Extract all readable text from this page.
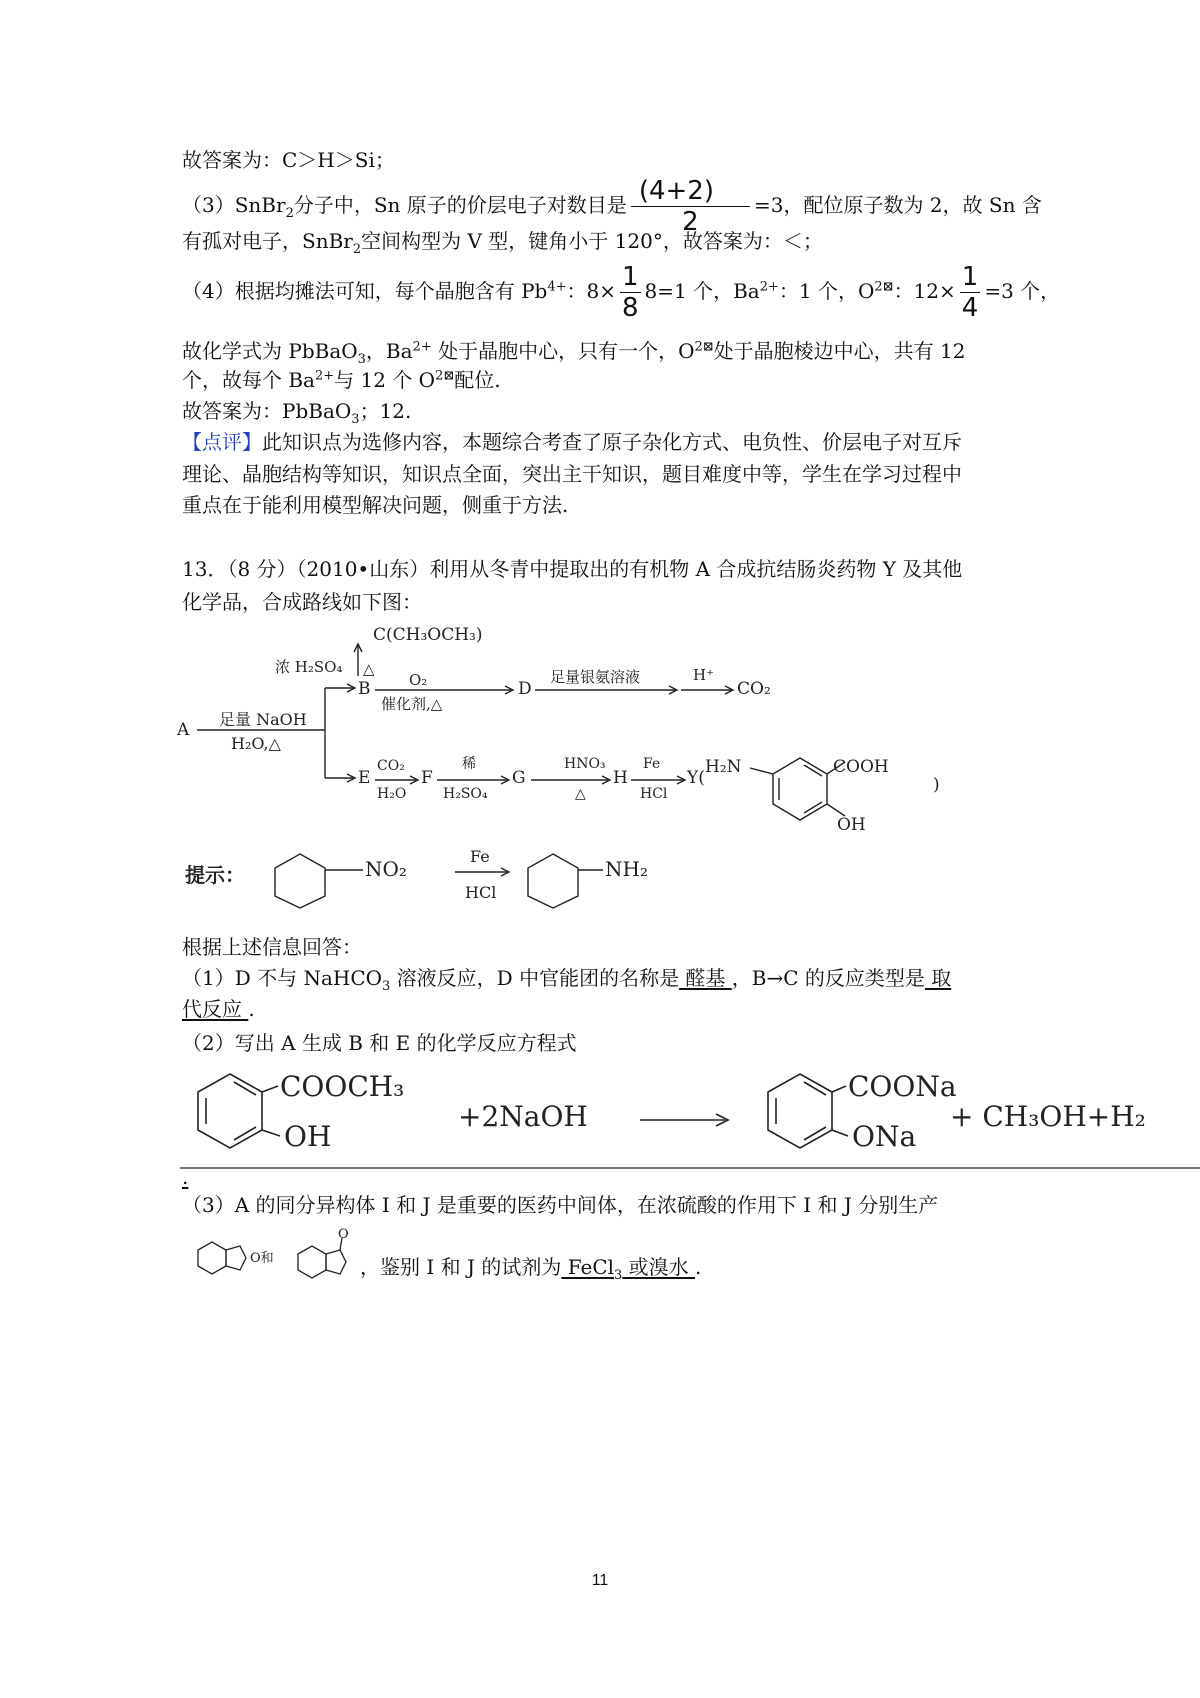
故答案为：C＞H＞Si；
（3）SnBr$_2$分子中，Sn 原子的价层电子对数目是 $\frac{(4+2)}{2} =3$，配位原子数为 2，故 Sn 含
有孤对电子，SnBr$_2$空间构型为 V 型，键角小于 120°，故答案为：＜；
（4）根据均摊法可知，每个晶胞含有 $Pb^{4+}$：$8\times \frac{1}{8} 8=1$ 个，$Ba^{2+}$：1 个，$O^{2⊠}$：$12\times \frac{1}{4} =3$ 个，
故化学式为 PbBaO$_3$，$Ba^{2+}$ 处于晶胞中心，只有一个，$O^{2⊠}$处于晶胞棱边中心，共有 12
个，故每个 $Ba^{2+}$与 12 个 $O^{2⊠}$配位.
故答案为：PbBaO$_3$；12.
【点评】此知识点为选修内容，本题综合考查了原子杂化方式、电负性、价层电子对互斥
理论、晶胞结构等知识，知识点全面，突出主干知识，题目难度中等，学生在学习过程中
重点在于能利用模型解决问题，侧重于方法.
13．（8 分）（2010•山东）利用从冬青中提取出的有机物 A 合成抗结肠炎药物 Y 及其他
化学品，合成路线如下图：
A
足量 NaOH
H₂O,△
C(CH₃OCH₃)
浓 H₂SO₄ △
B	O₂
催化剂,△
D
足量银氨溶液	H⁺
CO₂
E
CO₂
H₂O
F
稀
H₂SO₄
G
HNO₃
△
H
Fe
HCl
Y(
H₂N	COOH
OH
)
提示：	NO₂
Fe
HCl
NH₂
根据上述信息回答：
（1）D 不与 NaHCO$_3$ 溶液反应，D 中官能团的名称是 醛基 ，B→C 的反应类型是 取
代反应 .
（2）写出 A 生成 B 和 E 的化学反应方程式
COOCH₃
OH
+2NaOH
COONa
ONa
+ CH₃OH+H₂
.
（3）A 的同分异构体 I 和 J 是重要的医药中间体，在浓硫酸的作用下 I 和 J 分别生产
O和
O
，鉴别 I 和 J 的试剂为 FeCl$_3$ 或溴水 .
11
